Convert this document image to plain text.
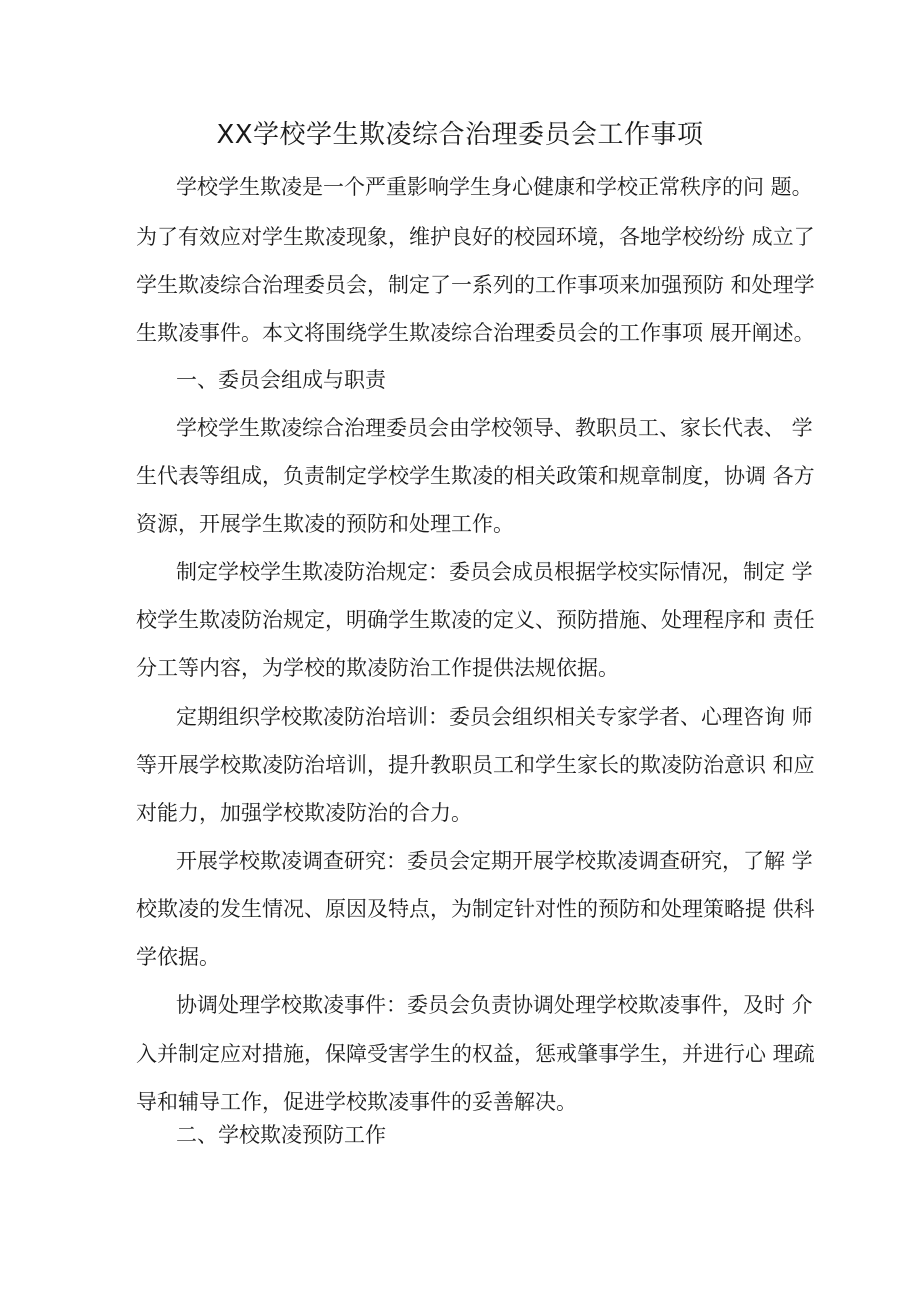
XX学校学生欺凌综合治理委员会工作事项
学校学生欺凌是一个严重影响学生身心健康和学校正常秩序的问 题。
为了有效应对学生欺凌现象，维护良好的校园环境，各地学校纷纷 成立了
学生欺凌综合治理委员会，制定了一系列的工作事项来加强预防 和处理学
生欺凌事件。本文将围绕学生欺凌综合治理委员会的工作事项 展开阐述。
一、委员会组成与职责
学校学生欺凌综合治理委员会由学校领导、教职员工、家长代表、 学
生代表等组成，负责制定学校学生欺凌的相关政策和规章制度，协调 各方
资源，开展学生欺凌的预防和处理工作。
制定学校学生欺凌防治规定：委员会成员根据学校实际情况，制定 学
校学生欺凌防治规定，明确学生欺凌的定义、预防措施、处理程序和 责任
分工等内容，为学校的欺凌防治工作提供法规依据。
定期组织学校欺凌防治培训：委员会组织相关专家学者、心理咨询 师
等开展学校欺凌防治培训，提升教职员工和学生家长的欺凌防治意识 和应
对能力，加强学校欺凌防治的合力。
开展学校欺凌调查研究：委员会定期开展学校欺凌调查研究，了解 学
校欺凌的发生情况、原因及特点，为制定针对性的预防和处理策略提 供科
学依据。
协调处理学校欺凌事件：委员会负责协调处理学校欺凌事件，及时 介
入并制定应对措施，保障受害学生的权益，惩戒肇事学生，并进行心 理疏
导和辅导工作，促进学校欺凌事件的妥善解决。
二、学校欺凌预防工作
